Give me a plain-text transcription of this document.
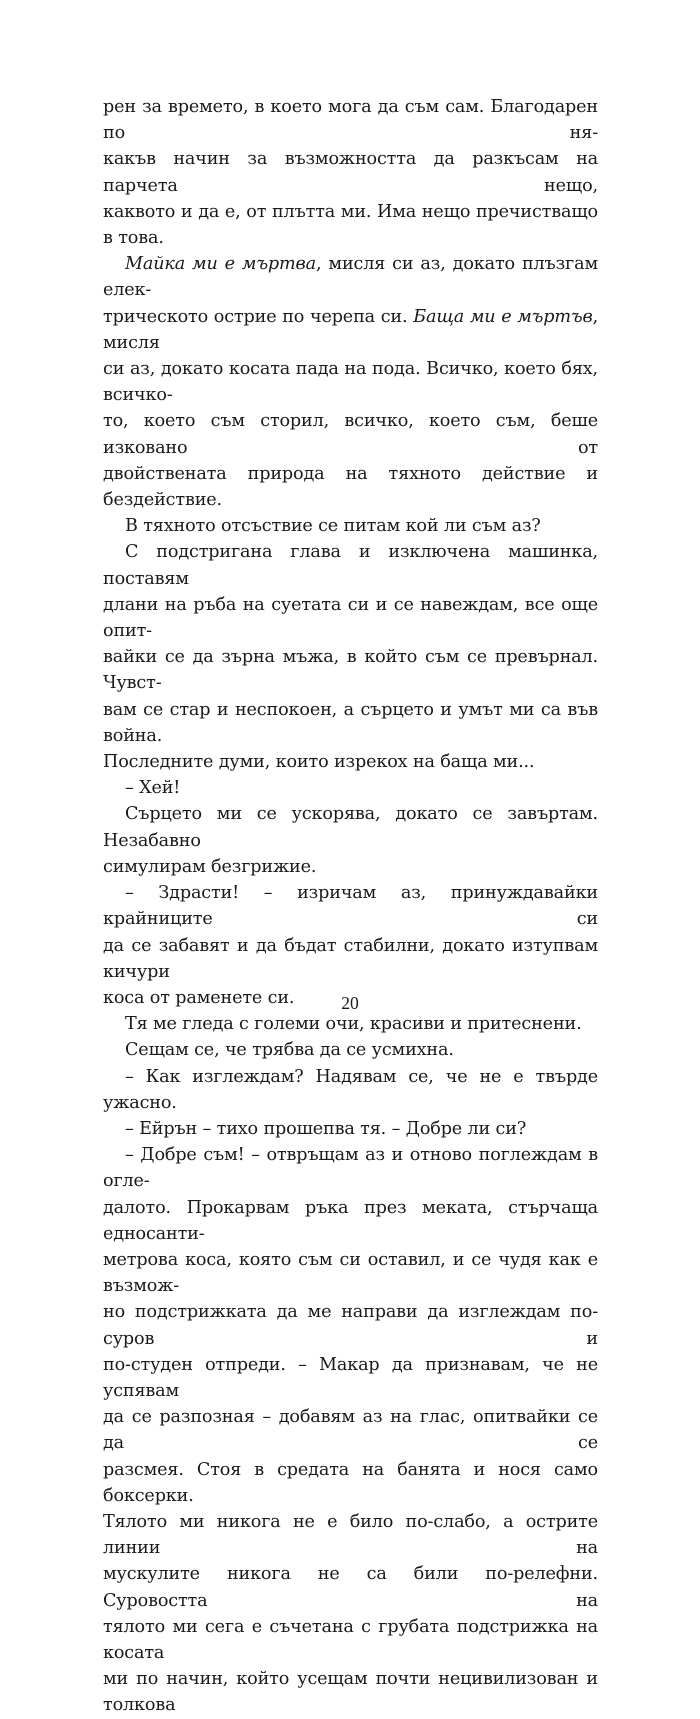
рен за времето, в което мога да съм сам. Благодарен по ня-
какъв начин за възможността да разкъсам на парчета нещо,
каквото и да е, от плътта ми. Има нещо пречистващо в това.
Майка ми е мъртва, мисля си аз, докато плъзгам елек-
трическото острие по черепа си. Баща ми е мъртъв, мисля
си аз, докато косата пада на пода. Всичко, което бях, всичко-
то, което съм сторил, всичко, което съм, беше изковано от
двойствената природа на тяхното действие и бездействие.
В тяхното отсъствие се питам кой ли съм аз?
С подстригана глава и изключена машинка, поставям
длани на ръба на суетата си и се навеждам, все още опит-
вайки се да зърна мъжа, в който съм се превърнал. Чувст-
вам се стар и неспокоен, а сърцето и умът ми са във война.
Последните думи, които изрекох на баща ми...
– Хей!
Сърцето ми се ускорява, докато се завъртам. Незабавно
симулирам безгрижие.
– Здрасти! – изричам аз, принуждавайки крайниците си
да се забавят и да бъдат стабилни, докато изтупвам кичури
коса от раменете си.
Тя ме гледа с големи очи, красиви и притеснени.
Сещам се, че трябва да се усмихна.
– Как изглеждам? Надявам се, че не е твърде ужасно.
– Ейрън – тихо прошепва тя. – Добре ли си?
– Добре съм! – отвръщам аз и отново поглеждам в огле-
далото. Прокарвам ръка през меката, стърчаща едносанти-
метрова коса, която съм си оставил, и се чудя как е възмож-
но подстрижката да ме направи да изглеждам по-суров и
по-студен отпреди. – Макар да признавам, че не успявам
да се разпозная – добавям аз на глас, опитвайки се да се
разсмея. Стоя в средата на банята и нося само боксерки.
Тялото ми никога не е било по-слабо, а острите линии на
мускулите никога не са били по-релефни. Суровостта на
тялото ми сега е съчетана с грубата подстрижка на косата
ми по начин, който усещам почти нецивилизован и толкова
20
